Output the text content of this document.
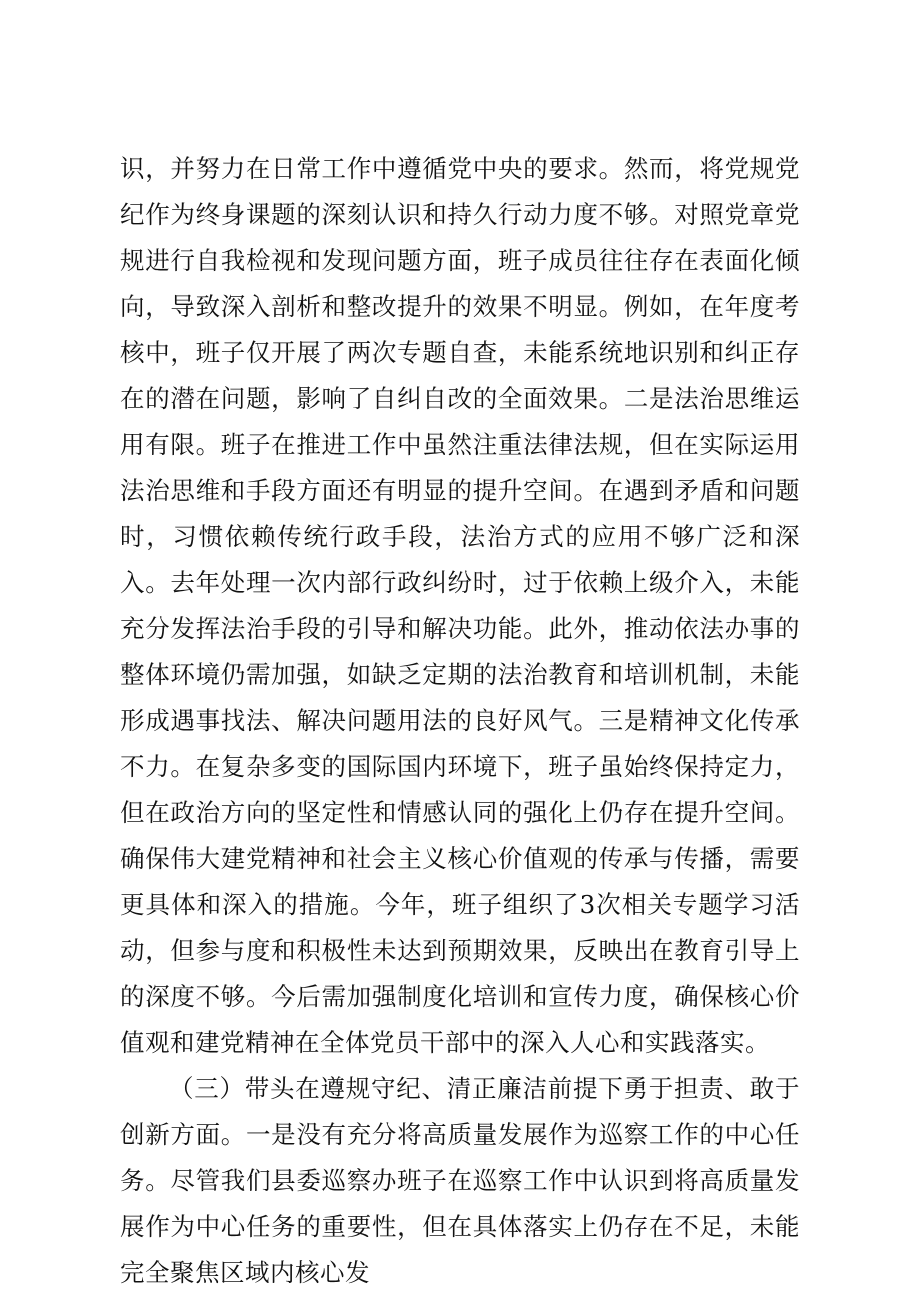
识，并努力在日常工作中遵循党中央的要求。然而，将党规党纪作为终身课题的深刻认识和持久行动力度不够。对照党章党规进行自我检视和发现问题方面，班子成员往往存在表面化倾向，导致深入剖析和整改提升的效果不明显。例如，在年度考核中，班子仅开展了两次专题自查，未能系统地识别和纠正存在的潜在问题，影响了自纠自改的全面效果。二是法治思维运用有限。班子在推进工作中虽然注重法律法规，但在实际运用法治思维和手段方面还有明显的提升空间。在遇到矛盾和问题时，习惯依赖传统行政手段，法治方式的应用不够广泛和深入。去年处理一次内部行政纠纷时，过于依赖上级介入，未能充分发挥法治手段的引导和解决功能。此外，推动依法办事的整体环境仍需加强，如缺乏定期的法治教育和培训机制，未能形成遇事找法、解决问题用法的良好风气。三是精神文化传承不力。在复杂多变的国际国内环境下，班子虽始终保持定力，但在政治方向的坚定性和情感认同的强化上仍存在提升空间。确保伟大建党精神和社会主义核心价值观的传承与传播，需要更具体和深入的措施。今年，班子组织了3次相关专题学习活动，但参与度和积极性未达到预期效果，反映出在教育引导上的深度不够。今后需加强制度化培训和宣传力度，确保核心价值观和建党精神在全体党员干部中的深入人心和实践落实。

（三）带头在遵规守纪、清正廉洁前提下勇于担责、敢于创新方面。一是没有充分将高质量发展作为巡察工作的中心任务。尽管我们县委巡察办班子在巡察工作中认识到将高质量发展作为中心任务的重要性，但在具体落实上仍存在不足，未能完全聚焦区域内核心发
